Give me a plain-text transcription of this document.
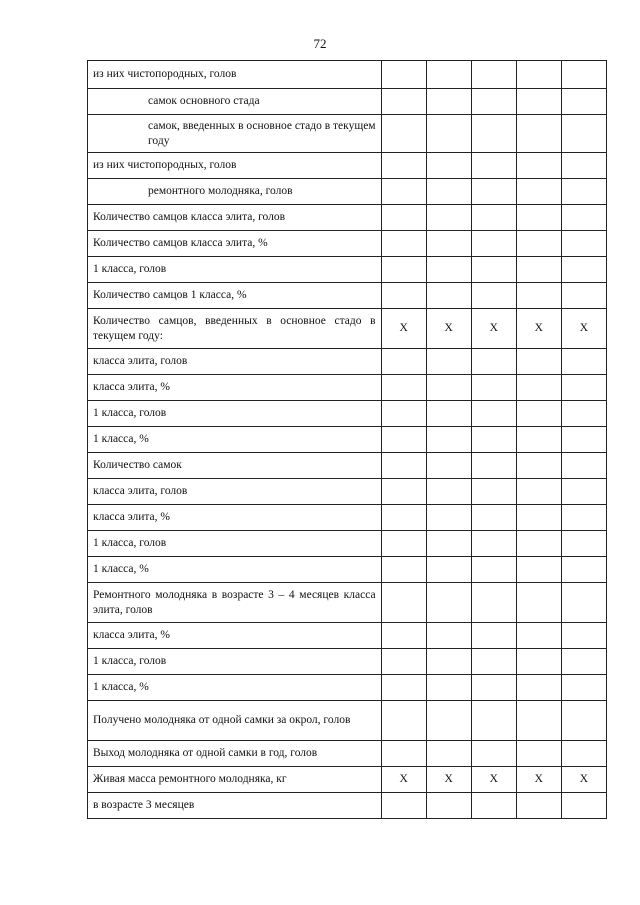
72
из них чистопородных, голов					
самок основного стада					
самок, введенных в основное стадо в текущем году					
из них чистопородных, голов					
ремонтного молодняка, голов					
Количество самцов класса элита, голов					
Количество самцов класса элита, %					
1 класса, голов					
Количество самцов 1 класса, %					
Количество самцов, введенных в основное стадо в текущем году:	Х	Х	Х	Х	Х
класса элита, голов					
класса элита, %					
1 класса, голов					
1 класса, %					
Количество самок					
класса элита, голов					
класса элита, %					
1 класса, голов					
1 класса, %					
Ремонтного молодняка в возрасте 3 – 4 месяцев класса элита, голов					
класса элита, %					
1 класса, голов					
1 класса, %					
Получено молодняка от одной самки за окрол, голов					
Выход молодняка от одной самки в год, голов					
Живая масса ремонтного молодняка, кг	Х	Х	Х	Х	Х
в возрасте 3 месяцев					
